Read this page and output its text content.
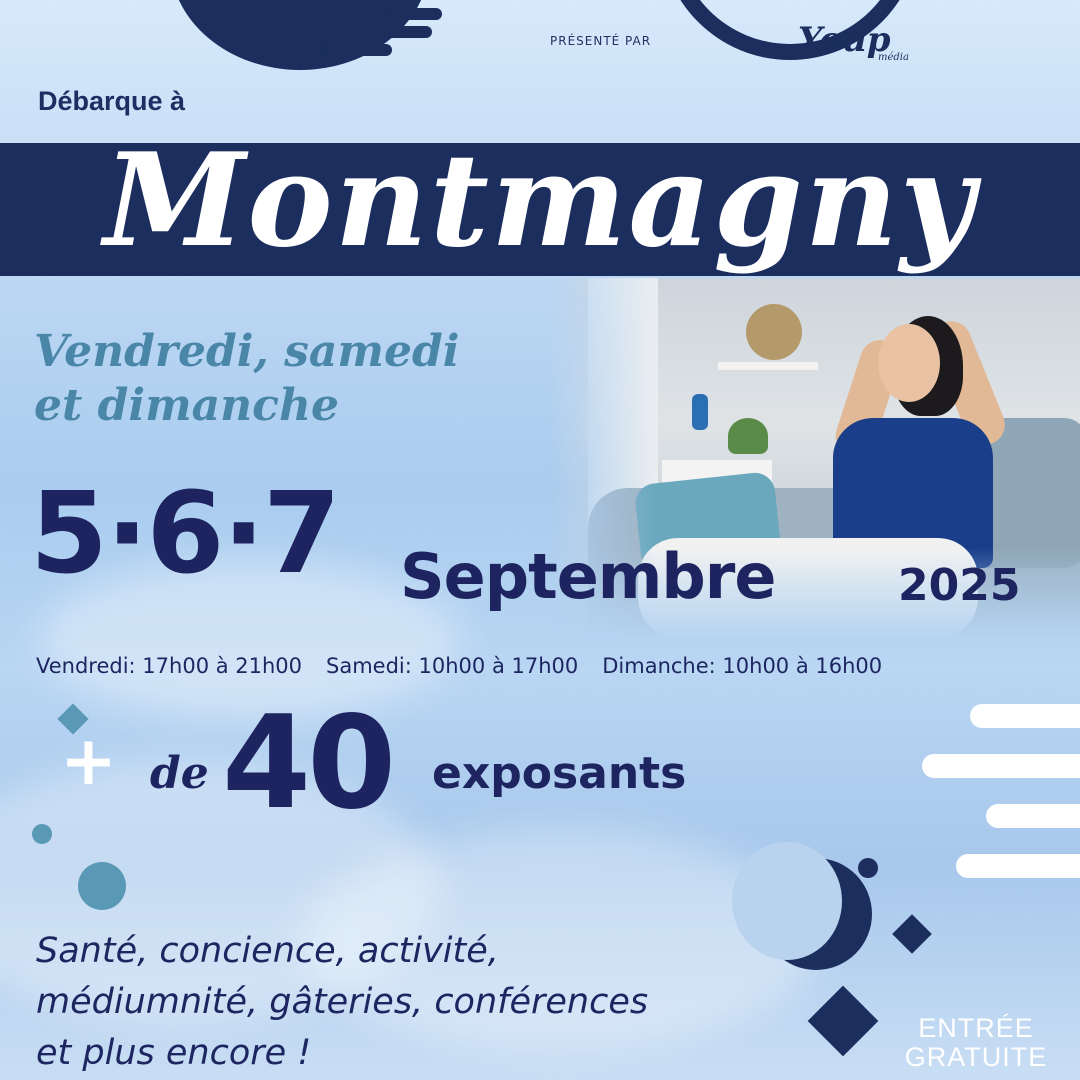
PRÉSENTÉ PAR	Youp
média
Débarque à
Montmagny
Vendredi, samedi
et dimanche
5·6·7 Septembre	2025
Vendredi: 17h00 à 21h00 Samedi: 10h00 à 17h00 Dimanche: 10h00 à 16h00
+ de 40 exposants
Santé, concience, activité,
médiumnité, gâteries, conférences
et plus encore !
ENTRÉE
GRATUITE
